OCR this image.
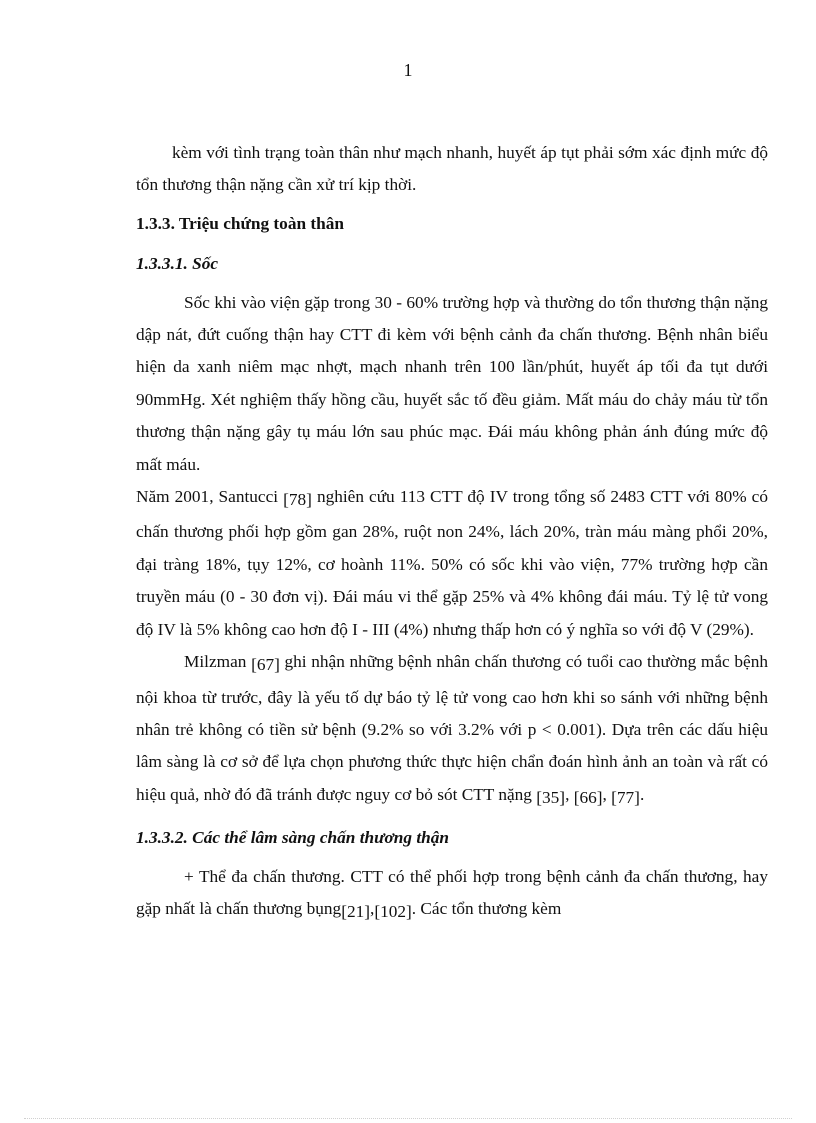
1

kèm với tình trạng toàn thân như mạch nhanh, huyết áp tụt phải sớm xác định mức độ tổn thương thận nặng cần xử trí kịp thời.

1.3.3. Triệu chứng toàn thân
1.3.3.1. Sốc

Sốc khi vào viện gặp trong 30 - 60% trường hợp và thường do tổn thương thận nặng dập nát, đứt cuống thận hay CTT đi kèm với bệnh cảnh đa chấn thương. Bệnh nhân biểu hiện da xanh niêm mạc nhợt, mạch nhanh trên 100 lần/phút, huyết áp tối đa tụt dưới 90mmHg. Xét nghiệm thấy hồng cầu, huyết sắc tố đều giảm. Mất máu do chảy máu từ tổn thương thận nặng gây tụ máu lớn sau phúc mạc. Đái máu không phản ánh đúng mức độ mất máu.

Năm 2001, Santucci [78] nghiên cứu 113 CTT độ IV trong tổng số 2483 CTT với 80% có chấn thương phối hợp gồm gan 28%, ruột non 24%, lách 20%, tràn máu màng phổi 20%, đại tràng 18%, tụy 12%, cơ hoành 11%. 50% có sốc khi vào viện, 77% trường hợp cần truyền máu (0 - 30 đơn vị). Đái máu vi thể gặp 25% và 4% không đái máu. Tỷ lệ tử vong độ IV là 5% không cao hơn độ I - III (4%) nhưng thấp hơn có ý nghĩa so với độ V (29%).

Milzman [67] ghi nhận những bệnh nhân chấn thương có tuổi cao thường mắc bệnh nội khoa từ trước, đây là yếu tố dự báo tỷ lệ tử vong cao hơn khi so sánh với những bệnh nhân trẻ không có tiền sử bệnh (9.2% so với 3.2% với p < 0.001). Dựa trên các dấu hiệu lâm sàng là cơ sở để lựa chọn phương thức thực hiện chẩn đoán hình ảnh an toàn và rất có hiệu quả, nhờ đó đã tránh được nguy cơ bỏ sót CTT nặng [35], [66], [77].

1.3.3.2. Các thể lâm sàng chấn thương thận

+ Thể đa chấn thương. CTT có thể phối hợp trong bệnh cảnh đa chấn thương, hay gặp nhất là chấn thương bụng[21],[102]. Các tổn thương kèm
